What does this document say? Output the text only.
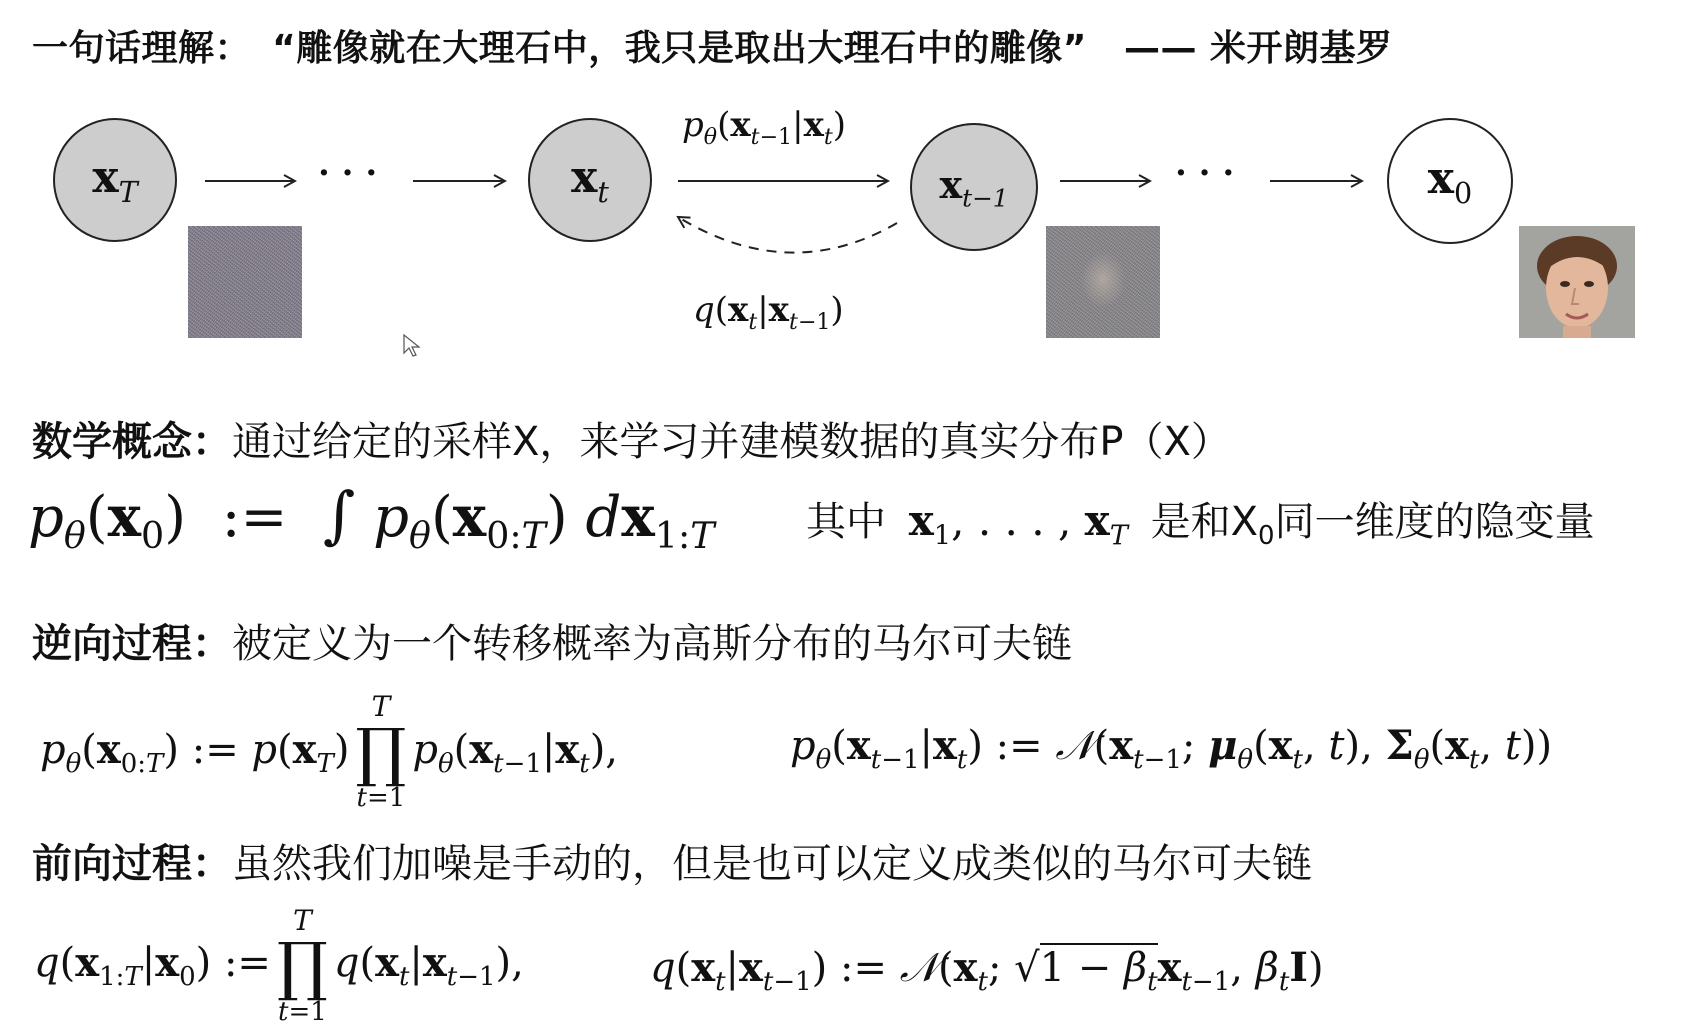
一句话理解： “雕像就在大理石中，我只是取出大理石中的雕像” —— 米开朗基罗
$x_T$	$x_t$	$x_{t-1}$	$x_0$
· · ·	· · ·
$p_\theta(x_{t-1}|x_t)$
$q(x_t|x_{t-1})$
数学概念：通过给定的采样X，来学习并建模数据的真实分布P（X）
$p_\theta(x_0)$  :=  ∫ $p_\theta(x_{0:T})$ $dx_{1:T}$ 其中 $x_1$, . . . , $x_T$ 是和$X_0$同一维度的隐变量
逆向过程：被定义为一个转移概率为高斯分布的马尔可夫链
$p_\theta(x_{0:T})$ := $p(x_T)$
T
∏
t=1
$p_\theta(x_{t-1}|x_t)$,	$p_\theta(x_{t-1}|x_t)$ := $𝒩(x_{t-1}$; $\mu_\theta(x_t$, t), $\Sigma_\theta(x_t$, t))
前向过程：虽然我们加噪是手动的，但是也可以定义成类似的马尔可夫链
$q(x_{1:T}|x_0)$ :=
T
∏
t=1
$q(x_t|x_{t-1})$,	$q(x_t|x_{t-1})$ := $𝒩(x_t$; $√1 - \beta_tx_{t-1}$, $\beta_tI$)
